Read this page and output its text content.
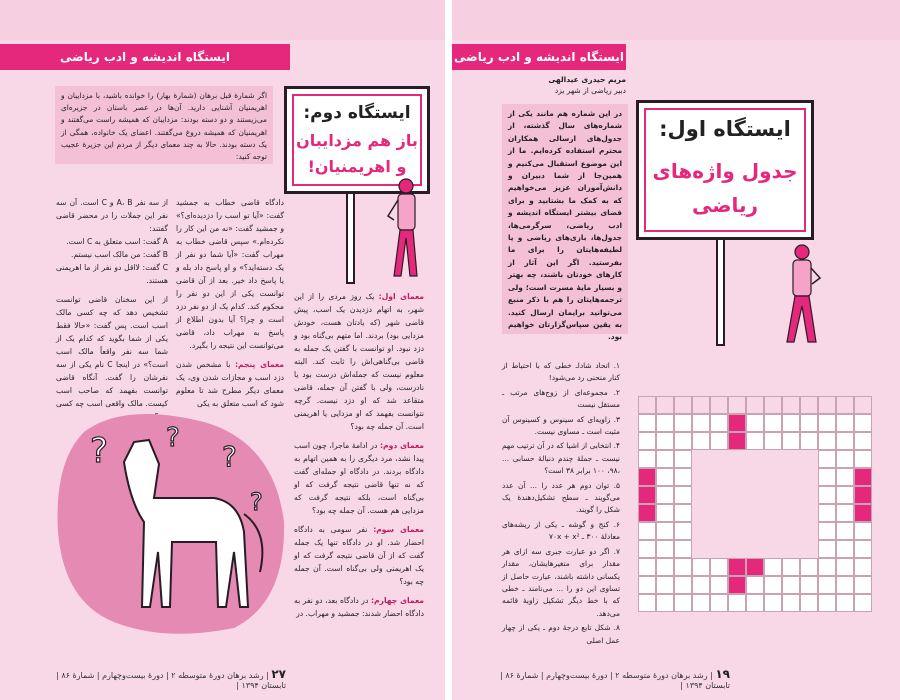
ایستگاه اندیشه و ادب ریاضی
اگر شمارهٔ قبل برهان (شمارهٔ بهار) را خوانده باشید، با مزدایبان و اهریمنیان آشنایی دارید. آن‌ها در عصر باستان در جزیره‌ای می‌زیستند و دو دسته بودند: مزدایبان که همیشه راست می‌گفتند و اهریمنیان که همیشه دروغ می‌گفتند. اعضای یک خانواده، همگی از یک دسته بودند. حالا به چند معمای دیگر از مردم این جزیرهٔ عجیب توجه کنید:
ایستگاه دوم:
باز هم مزدایبان
و اهریمنیان!
معمای اول: یک روز مردی را از این شهر، به اتهام دزدیدن یک اسب، پیش قاضی شهر (که یادتان هست، خودش مزدایی بود) بردند. اما متهم بی‌گناه بود و دزد نبود. او توانست با گفتن یک جمله به قاضی بی‌گناهی‌اش را ثابت کند. البته معلوم نیست که جمله‌اش درست بود یا نادرست، ولی با گفتن آن جمله، قاضی متقاعد شد که او دزد نیست. گرچه نتوانست بفهمد که او مزدایی یا اهریمنی است. آن جمله چه بود؟
معمای دوم: در ادامهٔ ماجرا، چون اسب پیدا نشد، مرد دیگری را به همین اتهام به دادگاه بردند. در دادگاه او جمله‌ای گفت که نه تنها قاضی نتیجه گرفت که او بی‌گناه است، بلکه نتیجه گرفت که مزدایی هم هست. آن جمله چه بود؟
معمای سوم: نفر سومی به دادگاه احضار شد. او در دادگاه تنها یک جمله گفت که از آن قاضی نتیجه گرفت که او یک اهریمنی ولی بی‌گناه است. آن جمله چه بود؟
معمای چهارم: در دادگاه بعد، دو نفر به دادگاه احضار شدند: جمشید و مهراب. در
دادگاه قاضی خطاب به جمشید گفت: «آیا تو اسب را دزدیده‌ای؟» و جمشید گفت: «نه من این کار را نکرده‌ام.» سپس قاضی خطاب به مهراب گفت: «آیا شما دو نفر از یک دسته‌اید؟» و او پاسخ داد بله و یا پاسخ داد خیر. بعد از آن قاضی توانست یکی از این دو نفر را محکوم کند. کدام یک از دو نفر دزد است و چرا؟ آیا بدون اطلاع از پاسخ به مهراب داد، قاضی می‌توانست این نتیجه را بگیرد.
معمای پنجم: با مشخص شدن دزد اسب و مجازات شدن وی، یک معمای دیگر مطرح شد تا معلوم شود که اسب متعلق به یکی
از سه نفر A، B و C است. آن سه نفر این جملات را در محضر قاضی گفتند:
A گفت: اسب متعلق به C است.
B گفت: من مالک اسب نیستم.
C گفت: لااقل دو نفر از ما اهریمنی هستند.
از این سخنان قاضی توانست تشخیص دهد که چه کسی مالک اسب است. پس گفت: «حالا فقط یکی از شما بگوید که کدام یک از شما سه نفر واقعاً مالک اسب است؟» در اینجا C نام یکی از سه نفرشان را گفت. آنگاه قاضی توانست بفهمد که صاحب اسب کیست. مالک واقعی اسب چه کسی
? ?
?
?
۲۷ | رشد برهان دورهٔ متوسطه ۲ | دورهٔ بیست‌وچهارم | شمارهٔ ۸۶ | تابستان ۱۳۹۴ |
ایستگاه اندیشه و ادب ریاضی
مریم حیدری عیدالهی
دبیر ریاضی از شهر یزد
در این شماره هم مانند یکی از شماره‌های سال گذشته، از جدول‌های ارسالی همکاران محترم استفاده کرده‌ایم. ما از این موضوع استقبال می‌کنیم و همین‌جا از شما دبیران و دانش‌آموزان عزیز می‌خواهیم که به کمک ما بشتابید و برای فضای بیشتر ایستگاه اندیشه و ادب ریاضی، سرگرمی‌ها، جدول‌ها، بازی‌های ریاضی و یا لطیفه‌هایتان را برای ما بفرستید. اگر این آثار از کارهای خودتان باشند، چه بهتر و بسیار مایهٔ مسرت است؛ ولی ترجمه‌هایتان را هم با ذکر منبع می‌توانید برایمان ارسال کنید. به یقین سپاس‌گزارتان خواهیم بود.
ایستگاه اول:
جدول واژه‌های
ریاضی
۱. اتحاد شاداـ خطی که با احتیاط از کنار منحنی رد می‌شود!
۲. مجموعه‌ای از زوج‌های مرتب ـ مستقل نیست
۳. زاویه‌ای که سینوس و کسینوس آن مثبت است ـ مساوی نیست.
۴. انتخابی از اشیا که در آن ترتیب مهم نیست ـ جملهٔ چندم دنبالهٔ حسابی ... ،۹۸، ۱۰۰ برابر ۳۸ است؟
۵. توان دوم هر عدد را ... آن عدد می‌گویند ـ سطح تشکیل‌دهندهٔ یک شکل را گویند.
۶. کنج و گوشه ـ یکی از ریشه‌های معادلهٔ ۳۰۰ ـ ۷۰x + x²
۷. اگر دو عبارت جبری سه ازای هر مقدار برای متغیرهایشان، مقدار یکسانی داشته باشند، عبارت حاصل از تساوی این دو را ... می‌نامند ـ خطی که با خط دیگر تشکیل زاویهٔ قائمه می‌دهد.
۸. شکل تابع درجهٔ دوم ـ یکی از چهار عمل اصلی
۱۹ | رشد برهان دورهٔ متوسطه ۲ | دورهٔ بیست‌وچهارم | شمارهٔ ۸۶ | تابستان ۱۳۹۴ |
